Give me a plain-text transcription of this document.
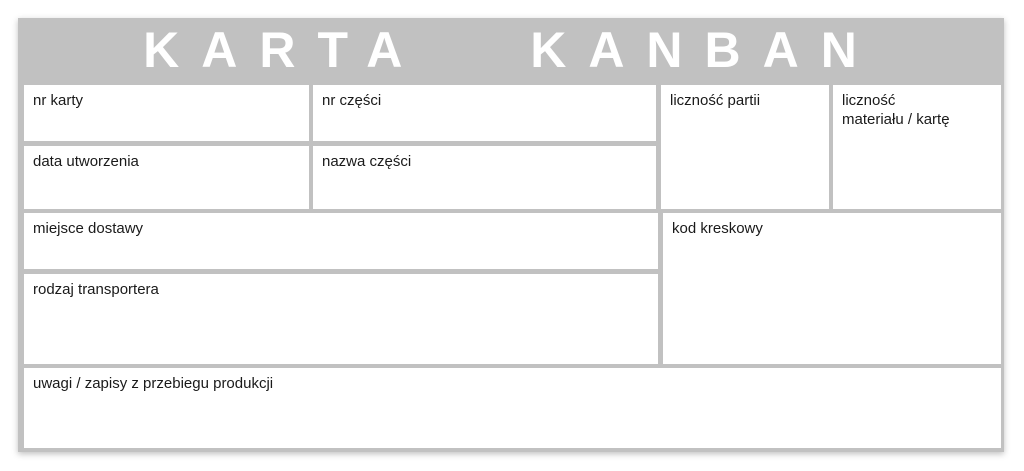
KARTA   KANBAN
nr karty	nr części	liczność partii	liczność
materiału / kartę
data utworzenia	nazwa części
miejsce dostawy	kod kreskowy
rodzaj transportera
uwagi / zapisy z przebiegu produkcji
